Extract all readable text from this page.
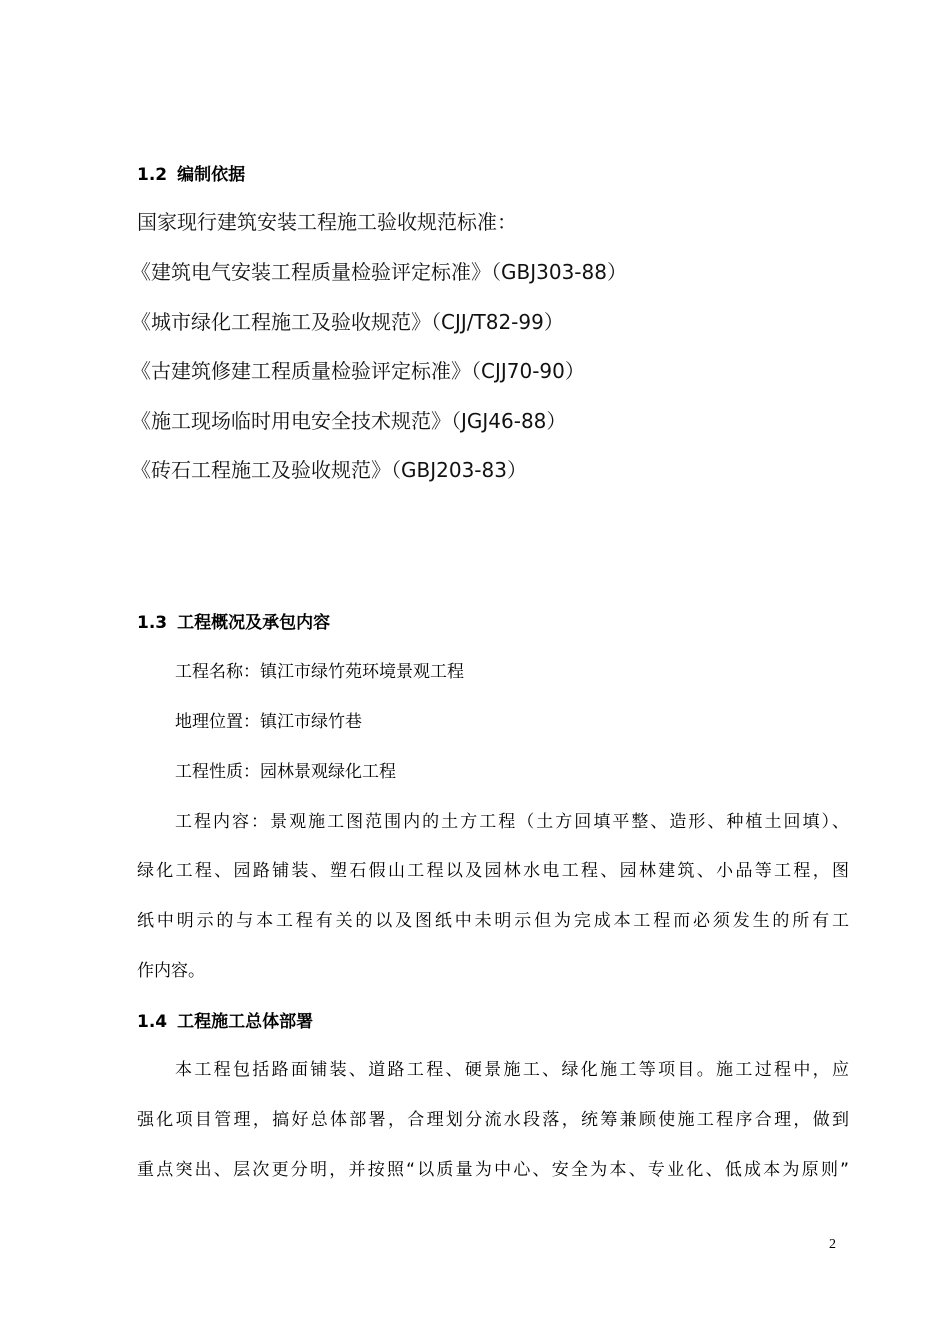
1.2 编制依据
国家现行建筑安装工程施工验收规范标准：
《建筑电气安装工程质量检验评定标准》（GBJ303-88）
《城市绿化工程施工及验收规范》（CJJ/T82-99）
《古建筑修建工程质量检验评定标准》（CJJ70-90）
《施工现场临时用电安全技术规范》（JGJ46-88）
《砖石工程施工及验收规范》（GBJ203-83）
1.3 工程概况及承包内容
工程名称：镇江市绿竹苑环境景观工程
地理位置：镇江市绿竹巷
工程性质：园林景观绿化工程
工程内容：景观施工图范围内的土方工程（土方回填平整、造形、种植土回填）、
绿化工程、园路铺装、塑石假山工程以及园林水电工程、园林建筑、小品等工程，图
纸中明示的与本工程有关的以及图纸中未明示但为完成本工程而必须发生的所有工
作内容。
1.4 工程施工总体部署
本工程包括路面铺装、道路工程、硬景施工、绿化施工等项目。施工过程中，应
强化项目管理，搞好总体部署，合理划分流水段落，统筹兼顾使施工程序合理，做到
重点突出、层次更分明，并按照“以质量为中心、安全为本、专业化、低成本为原则”
2
